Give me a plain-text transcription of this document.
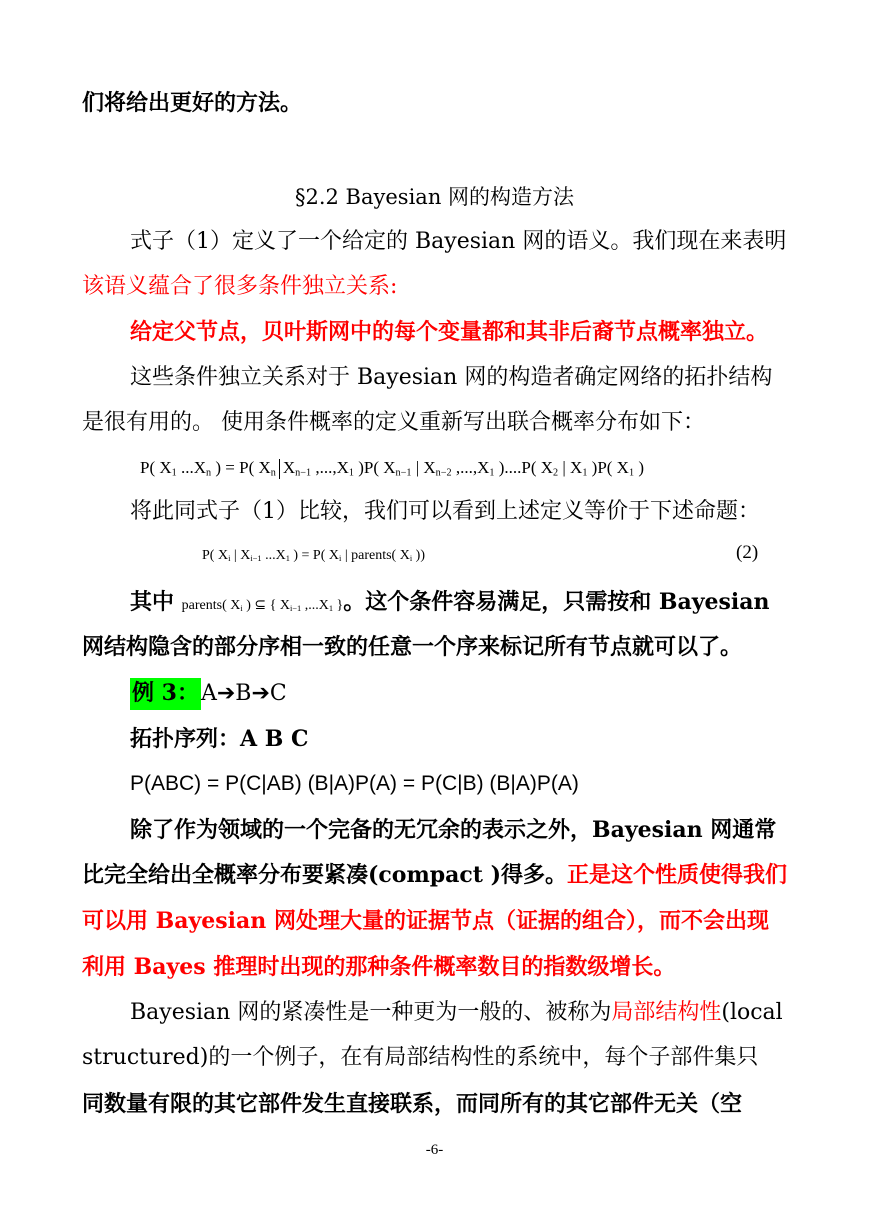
们将给出更好的方法。
§2.2 Bayesian 网的构造方法
式子（1）定义了一个给定的 Bayesian 网的语义。我们现在来表明
该语义蕴合了很多条件独立关系:
给定父节点，贝叶斯网中的每个变量都和其非后裔节点概率独立。
这些条件独立关系对于 Bayesian 网的构造者确定网络的拓扑结构
是很有用的。 使用条件概率的定义重新写出联合概率分布如下：
P( $X_1$ $...X_n$ ) = P( $X_n$ $X_{n-1}$ $,...,X_1$ )P( $X_{n-1}$ | $X_{n-2}$ $,...,X_1$ )....P( $X_2$ | $X_1$ )P( $X_1$ )
将此同式子（1）比较，我们可以看到上述定义等价于下述命题：
P( $X_i$ | $X_{i-1}$ $...X_1$ ) = P( $X_i$ | parents( $X_i$ ))	(2)
其中 parents( $X_i$ ) ⊆ { $X_{i-1}$ $,...X_1$ }。这个条件容易满足，只需按和 Bayesian
网结构隐含的部分序相一致的任意一个序来标记所有节点就可以了。
例 3：A➔B➔C
拓扑序列：A B C
P(ABC) = P(C|AB) (B|A)P(A) = P(C|B) (B|A)P(A)
除了作为领域的一个完备的无冗余的表示之外，Bayesian 网通常
比完全给出全概率分布要紧凑(compact )得多。正是这个性质使得我们
可以用 Bayesian 网处理大量的证据节点（证据的组合），而不会出现
利用 Bayes 推理时出现的那种条件概率数目的指数级增长。
Bayesian 网的紧凑性是一种更为一般的、被称为局部结构性(local
structured)的一个例子，在有局部结构性的系统中，每个子部件集只
同数量有限的其它部件发生直接联系，而同所有的其它部件无关（空
-6-
